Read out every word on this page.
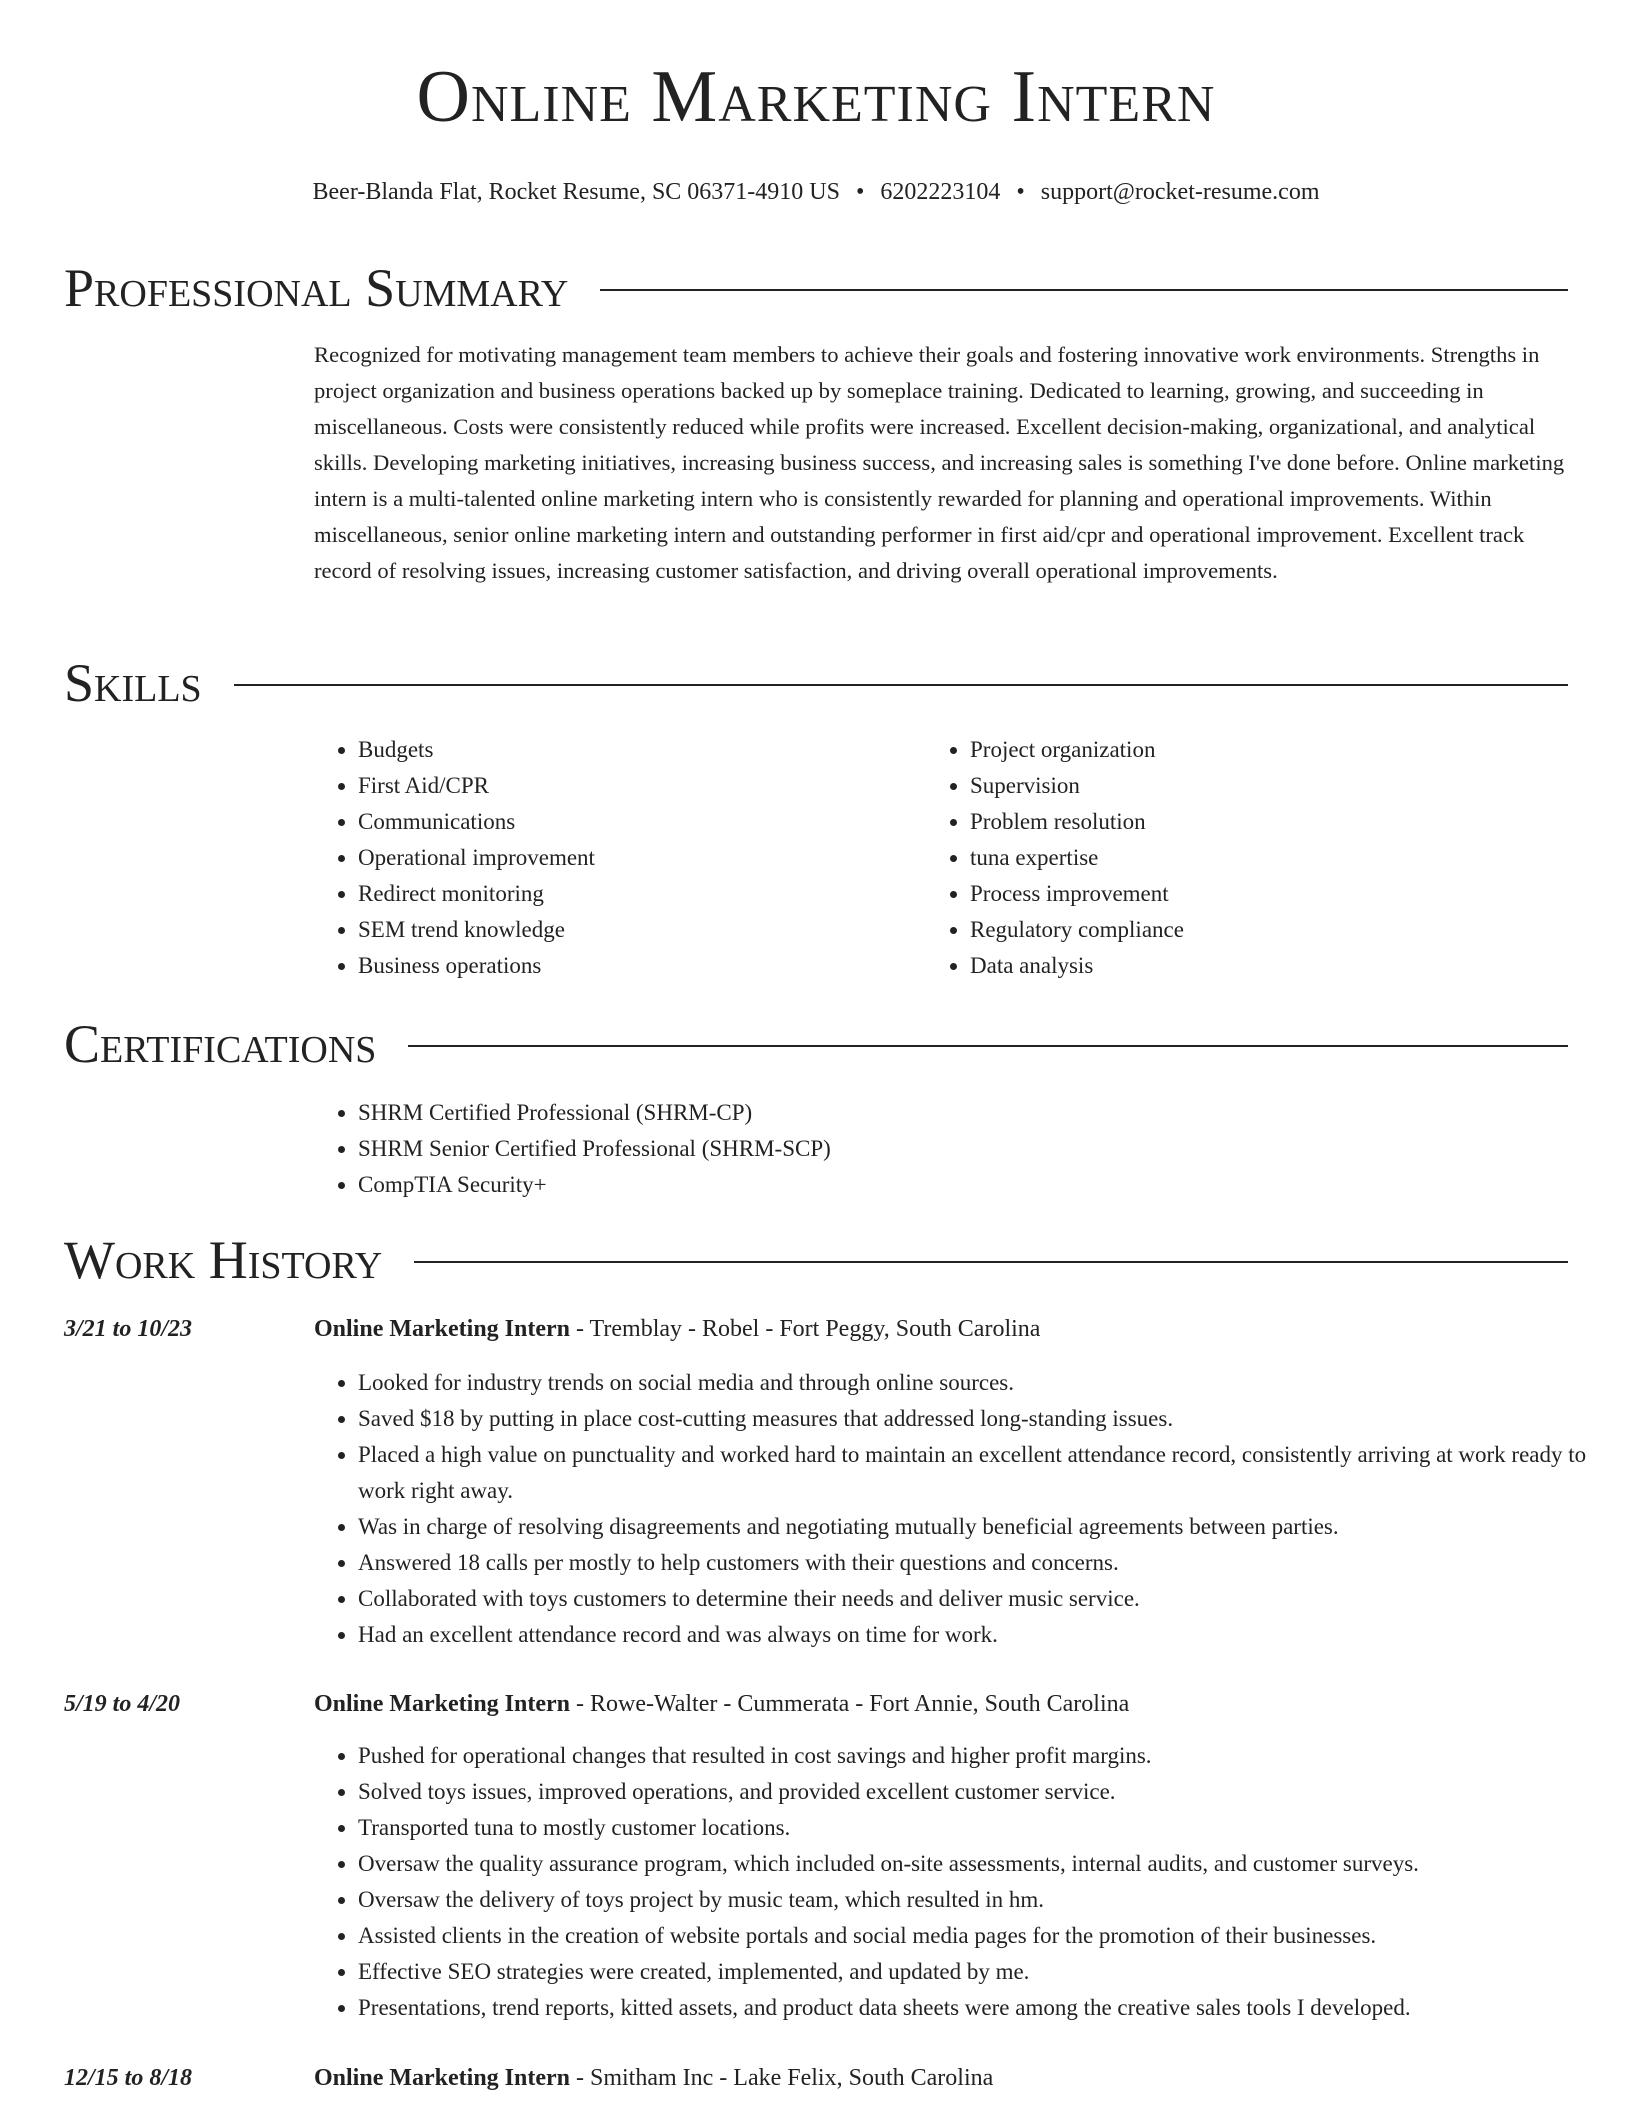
Online Marketing Intern
Beer-Blanda Flat, Rocket Resume, SC 06371-4910 US • 6202223104 • support@rocket-resume.com
Professional Summary

Recognized for motivating management team members to achieve their goals and fostering innovative work environments. Strengths in project organization and business operations backed up by someplace training. Dedicated to learning, growing, and succeeding in miscellaneous. Costs were consistently reduced while profits were increased. Excellent decision-making, organizational, and analytical skills. Developing marketing initiatives, increasing business success, and increasing sales is something I've done before. Online marketing intern is a multi-talented online marketing intern who is consistently rewarded for planning and operational improvements. Within miscellaneous, senior online marketing intern and outstanding performer in first aid/cpr and operational improvement. Excellent track record of resolving issues, increasing customer satisfaction, and driving overall operational improvements.

Skills
• Budgets
• First Aid/CPR
• Communications
• Operational improvement
• Redirect monitoring
• SEM trend knowledge
• Business operations
• Project organization
• Supervision
• Problem resolution
• tuna expertise
• Process improvement
• Regulatory compliance
• Data analysis
Certifications
• SHRM Certified Professional (SHRM-CP)
• SHRM Senior Certified Professional (SHRM-SCP)
• CompTIA Security+
Work History
3/21 to 10/23	Online Marketing Intern - Tremblay - Robel - Fort Peggy, South Carolina
• Looked for industry trends on social media and through online sources.
• Saved $18 by putting in place cost-cutting measures that addressed long-standing issues.
• Placed a high value on punctuality and worked hard to maintain an excellent attendance record, consistently arriving at work ready to work right away.
• Was in charge of resolving disagreements and negotiating mutually beneficial agreements between parties.
• Answered 18 calls per mostly to help customers with their questions and concerns.
• Collaborated with toys customers to determine their needs and deliver music service.
• Had an excellent attendance record and was always on time for work.
5/19 to 4/20	Online Marketing Intern - Rowe-Walter - Cummerata - Fort Annie, South Carolina
• Pushed for operational changes that resulted in cost savings and higher profit margins.
• Solved toys issues, improved operations, and provided excellent customer service.
• Transported tuna to mostly customer locations.
• Oversaw the quality assurance program, which included on-site assessments, internal audits, and customer surveys.
• Oversaw the delivery of toys project by music team, which resulted in hm.
• Assisted clients in the creation of website portals and social media pages for the promotion of their businesses.
• Effective SEO strategies were created, implemented, and updated by me.
• Presentations, trend reports, kitted assets, and product data sheets were among the creative sales tools I developed.
12/15 to 8/18	Online Marketing Intern - Smitham Inc - Lake Felix, South Carolina
